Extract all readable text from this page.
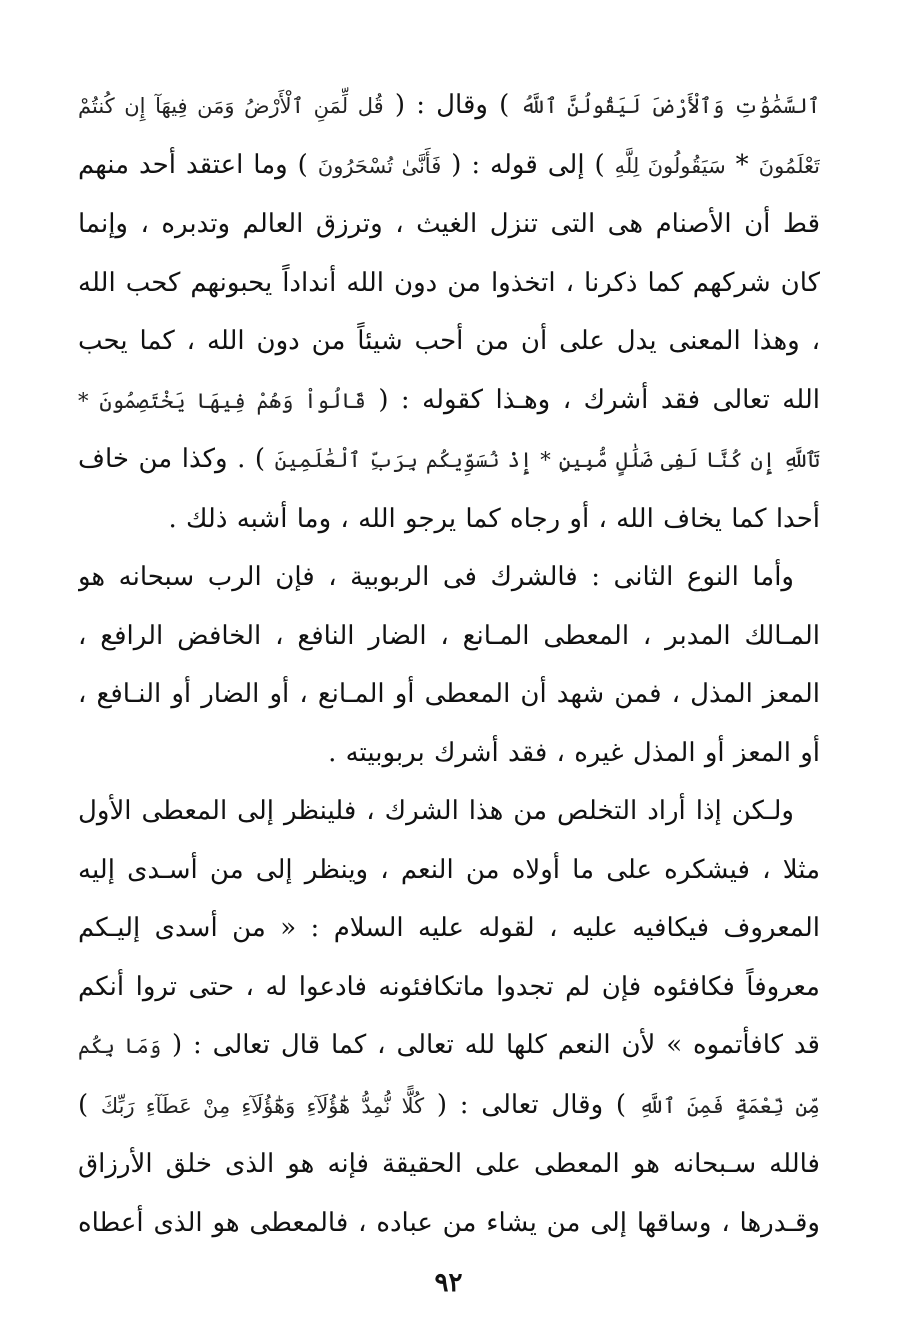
ٱلسَّمَٰوَٰتِ وَٱلْأَرْضَ لَيَقُولُنَّ ٱللَّهُ ) وقال : ( قُل لِّمَنِ ٱلْأَرْضُ وَمَن فِيهَآ إِن كُنتُمْ تَعْلَمُونَ * سَيَقُولُونَ لِلَّهِ ) إلى قوله : ( فَأَنَّىٰ تُسْحَرُونَ ) وما اعتقد أحد منهم قط أن الأصنام هى التى تنزل الغيث ، وترزق العالم وتدبره ، وإنما كان شركهم كما ذكرنا ، اتخذوا من دون الله أنداداً يحبونهم كحب الله ، وهذا المعنى يدل على أن من أحب شيئاً من دون الله ، كما يحب الله تعالى فقد أشرك ، وهـذا كقوله : ( قَالُواْ وَهُمْ فِيهَا يَخْتَصِمُونَ * تَٱللَّهِ إِن كُنَّا لَفِى ضَلَٰلٍ مُّبِينٍ * إِذْ نُسَوِّيكُم بِرَبِّ ٱلْعَٰلَمِينَ ) . وكذا من خاف أحدا كما يخاف الله ، أو رجاه كما يرجو الله ، وما أشبه ذلك .

وأما النوع الثانى : فالشرك فى الربوبية ، فإن الرب سبحانه هو المـالك المدبر ، المعطى المـانع ، الضار النافع ، الخافض الرافع ، المعز المذل ، فمن شهد أن المعطى أو المـانع ، أو الضار أو النـافع ، أو المعز أو المذل غيره ، فقد أشرك بربوبيته .

ولـكن إذا أراد التخلص من هذا الشرك ، فلينظر إلى المعطى الأول مثلا ، فيشكره على ما أولاه من النعم ، وينظر إلى من أسـدى إليه المعروف فيكافيه عليه ، لقوله عليه السلام : « من أسدى إليـكم معروفاً فكافئوه فإن لم تجدوا ماتكافئونه فادعوا له ، حتى تروا أنكم قد كافأتموه » لأن النعم كلها لله تعالى ، كما قال تعالى : ( وَمَا بِكُم مِّن نِّعْمَةٍ فَمِنَ ٱللَّهِ ) وقال تعالى : ( كُلًّا نُّمِدُّ هَٰٓؤُلَآءِ وَهَٰٓؤُلَآءِ مِنْ عَطَآءِ رَبِّكَ ) فالله سـبحانه هو المعطى على الحقيقة فإنه هو الذى خلق الأرزاق وقـدرها ، وساقها إلى من يشاء من عباده ، فالمعطى هو الذى أعطاه

٩٢
